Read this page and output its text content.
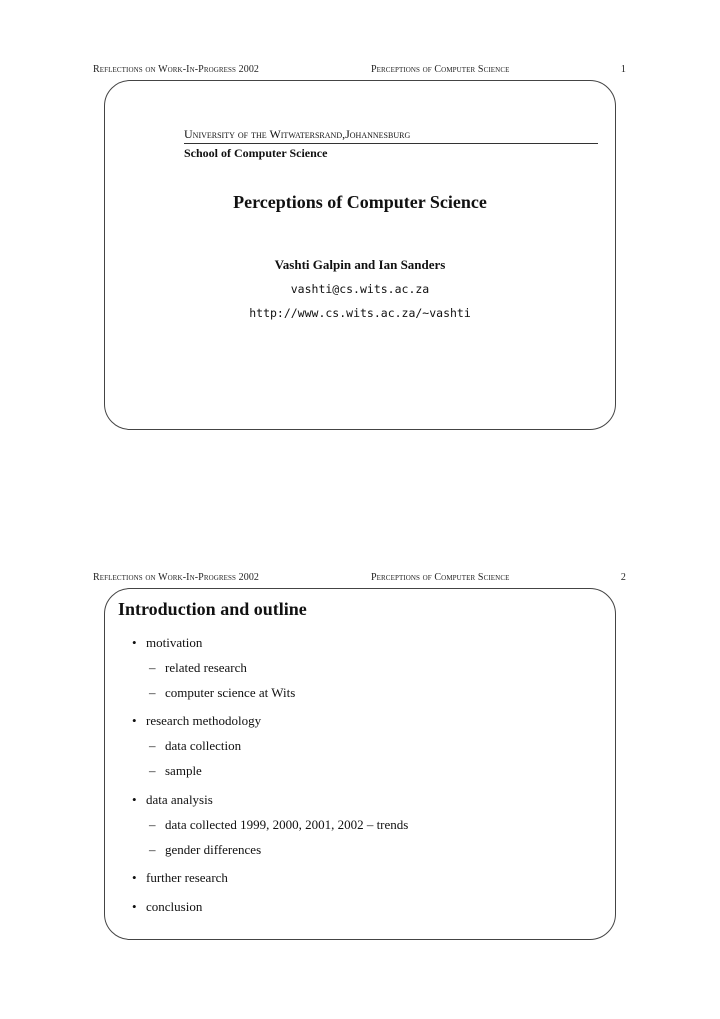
Reflections on Work-In-Progress 2002	Perceptions of Computer Science	1
University of the Witwatersrand,Johannesburg
School of Computer Science
Perceptions of Computer Science
Vashti Galpin and Ian Sanders
vashti@cs.wits.ac.za
http://www.cs.wits.ac.za/~vashti
Reflections on Work-In-Progress 2002	Perceptions of Computer Science	2
Introduction and outline
• motivation
– related research
– computer science at Wits
• research methodology
– data collection
– sample
• data analysis
– data collected 1999, 2000, 2001, 2002 – trends
– gender differences
• further research
• conclusion
